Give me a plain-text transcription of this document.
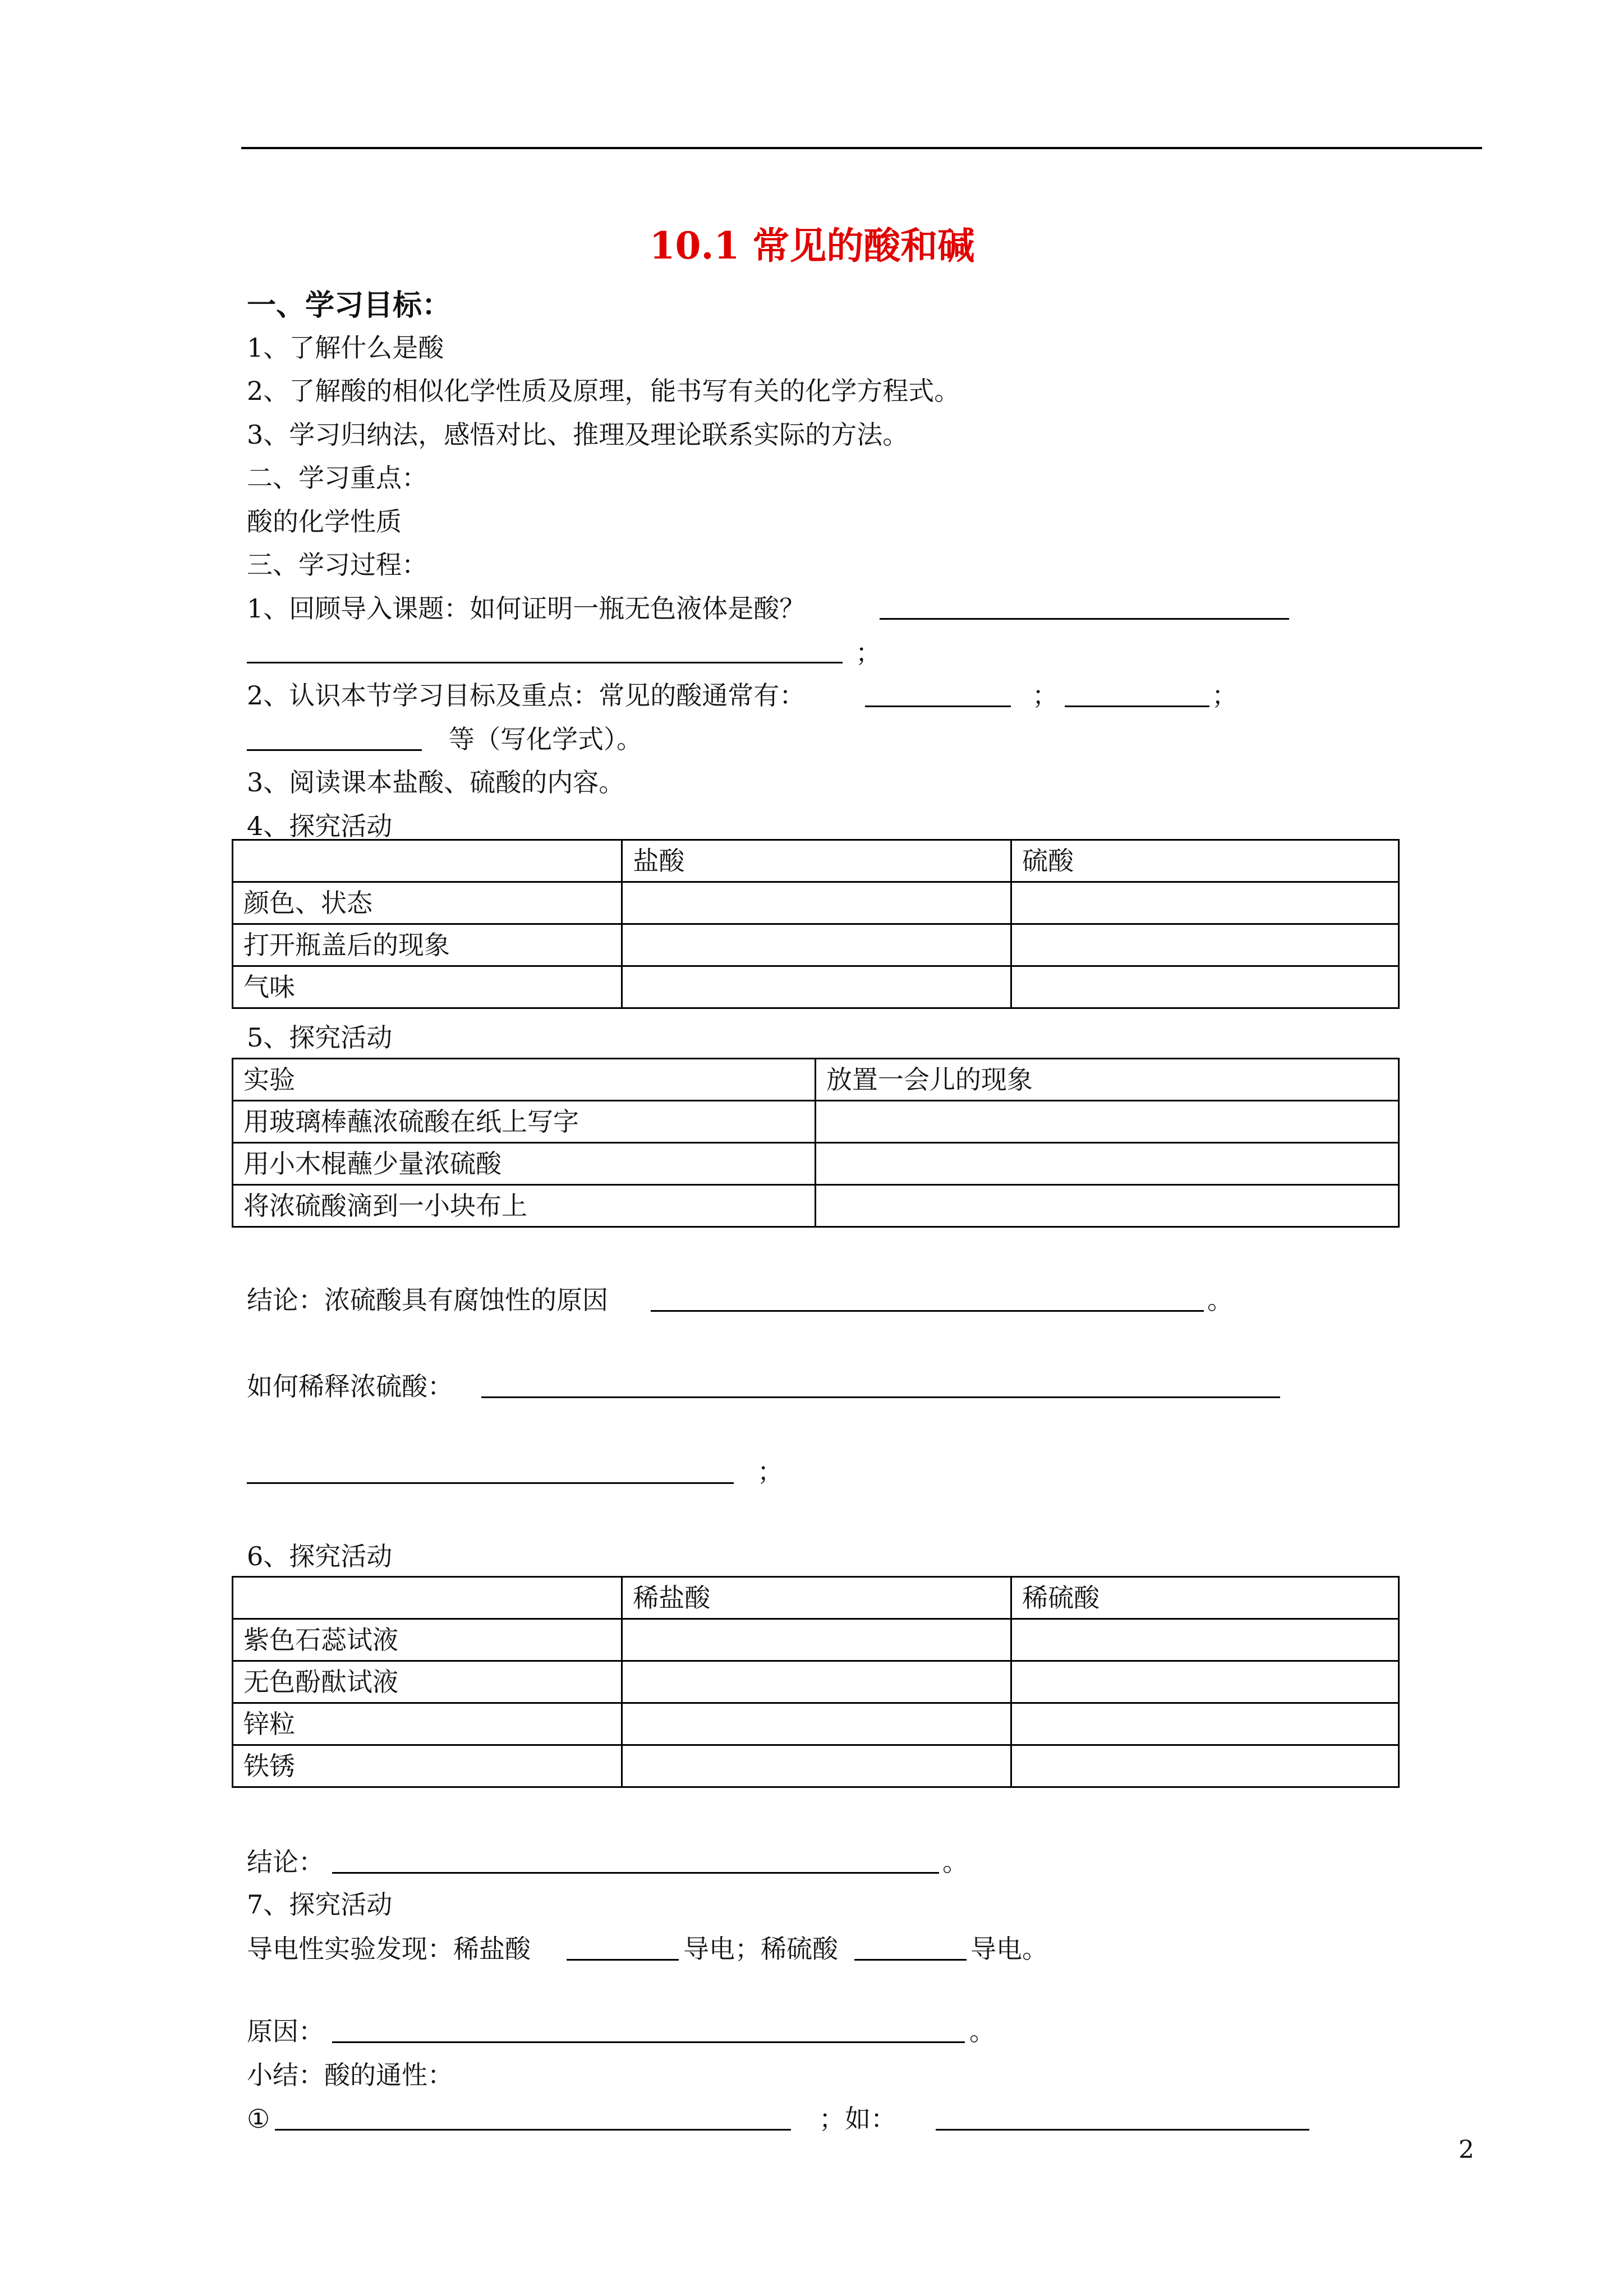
10.1 常见的酸和碱
一、学习目标：
1、了解什么是酸
2、了解酸的相似化学性质及原理，能书写有关的化学方程式。
3、学习归纳法，感悟对比、推理及理论联系实际的方法。
二、学习重点：
酸的化学性质
三、学习过程：
1、回顾导入课题：如何证明一瓶无色液体是酸？
；
2、认识本节学习目标及重点：常见的酸通常有：	；	；
等（写化学式）。
3、阅读课本盐酸、硫酸的内容。
4、探究活动
	盐酸	硫酸
颜色、状态		
打开瓶盖后的现象		
气味		
5、探究活动
实验	放置一会儿的现象
用玻璃棒蘸浓硫酸在纸上写字	
用小木棍蘸少量浓硫酸	
将浓硫酸滴到一小块布上	
结论：浓硫酸具有腐蚀性的原因	。
如何稀释浓硫酸：
；
6、探究活动
	稀盐酸	稀硫酸
紫色石蕊试液		
无色酚酞试液		
锌粒		
铁锈		
结论：	。
7、探究活动
导电性实验发现：稀盐酸	导电；稀硫酸	导电。
原因：	。
小结：酸的通性：
①	；如：
2
